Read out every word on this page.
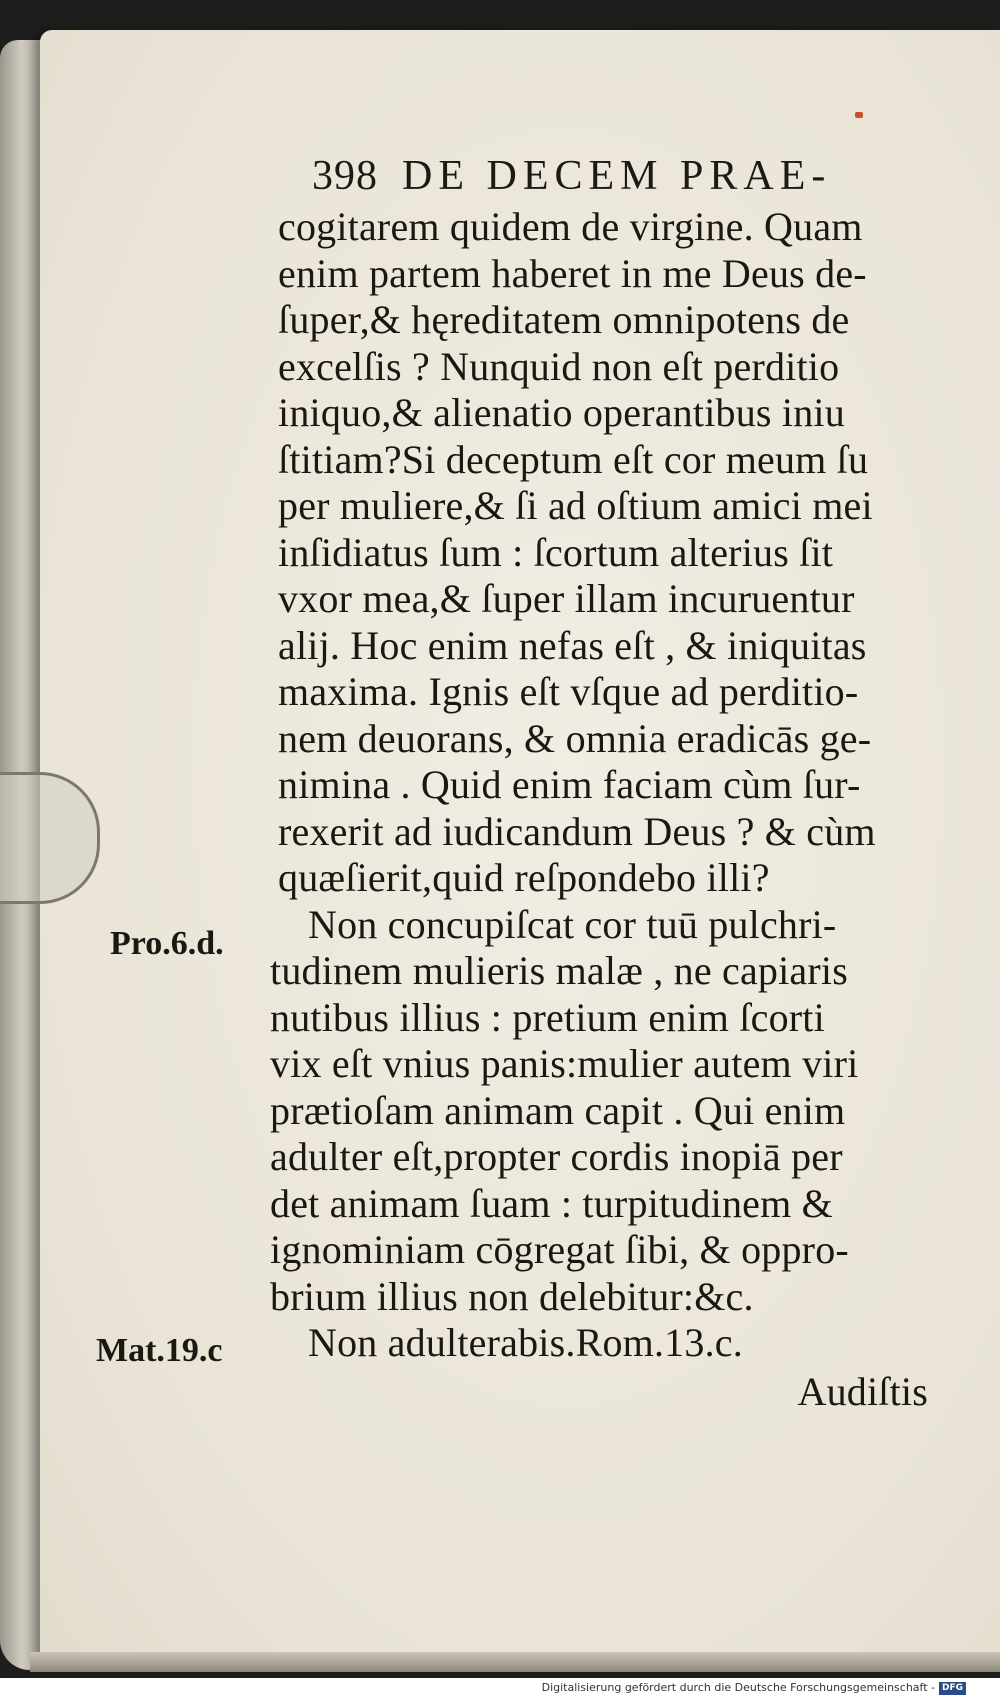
398 DE DECEM PRAE-
Pro.6.d.
Mat.19.c
cogitarem quidem de virgine. Quam
enim partem haberet in me Deus de-
ſuper,& hęreditatem omnipotens de
excelſis ? Nunquid non eſt perditio
iniquo,& alienatio operantibus iniu
ſtitiam?Si deceptum eſt cor meum ſu
per muliere,& ſi ad oſtium amici mei
inſidiatus ſum : ſcortum alterius ſit
vxor mea,& ſuper illam incuruentur
alij. Hoc enim nefas eſt , & iniquitas
maxima. Ignis eſt vſque ad perditio-
nem deuorans, & omnia eradicās ge-
nimina . Quid enim faciam cùm ſur-
rexerit ad iudicandum Deus ? & cùm
quæſierit,quid reſpondebo illi?
Non concupiſcat cor tuū pulchri-
tudinem mulieris malæ , ne capiaris
nutibus illius : pretium enim ſcorti
vix eſt vnius panis:mulier autem viri
prætioſam animam capit . Qui enim
adulter eſt,propter cordis inopiā per
det animam ſuam : turpitudinem &
ignominiam cōgregat ſibi, & oppro-
brium illius non delebitur:&c.
Non adulterabis.Rom.13.c.
Audiſtis
Digitalisierung gefördert durch die Deutsche Forschungsgemeinschaft - DFG
